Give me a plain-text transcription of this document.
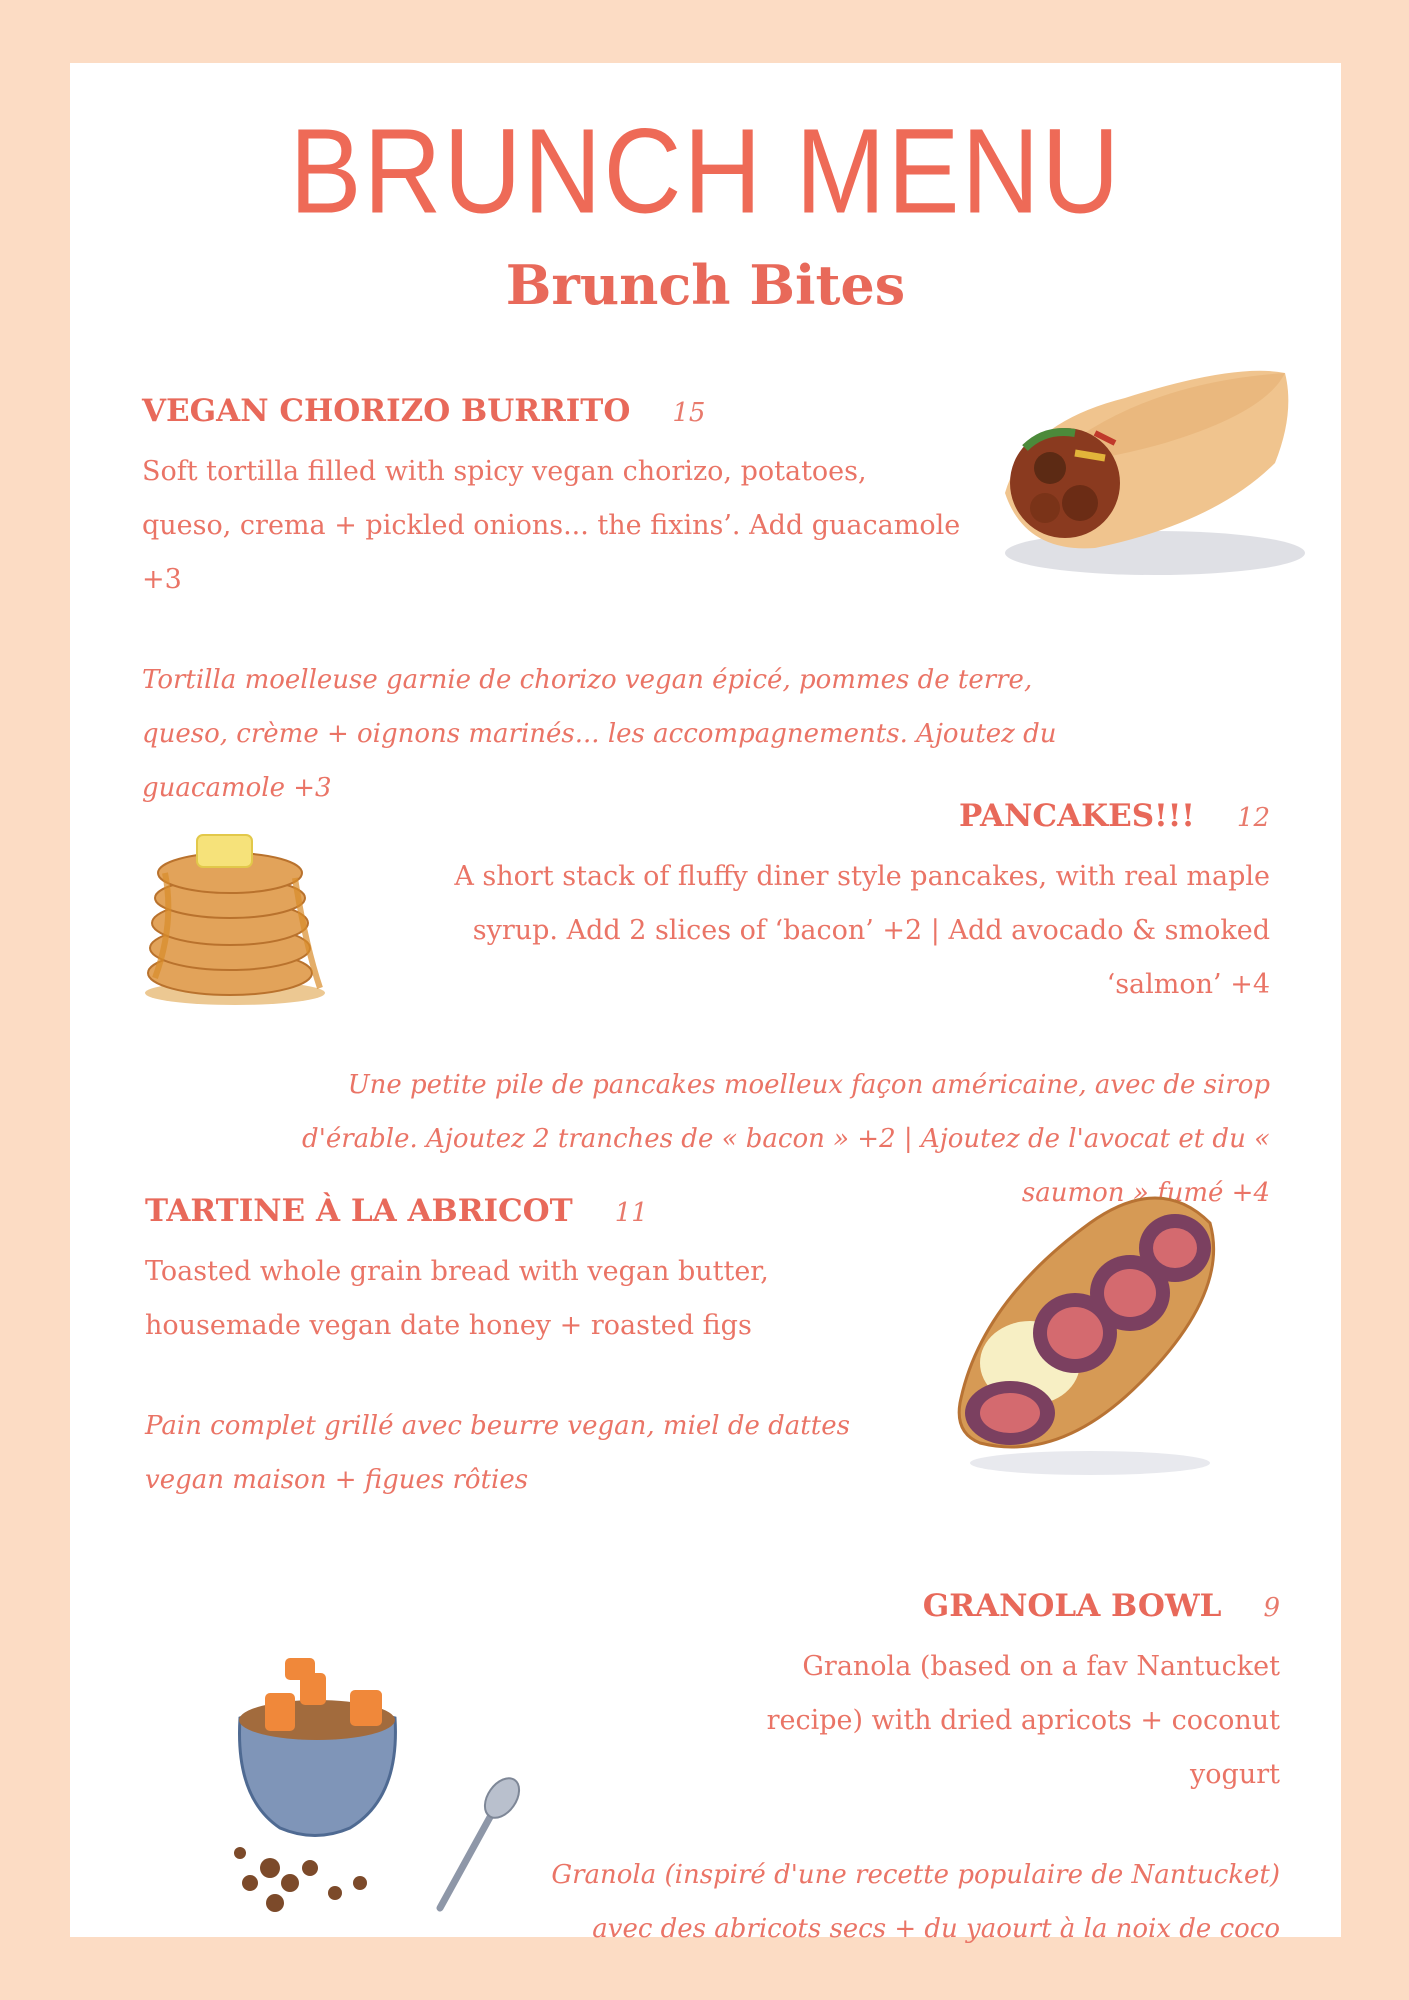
BRUNCH MENU
Brunch Bites
VEGAN CHORIZO BURRITO 15
Soft tortilla filled with spicy vegan chorizo, potatoes, queso, crema + pickled onions... the fixins’. Add guacamole +3
Tortilla moelleuse garnie de chorizo vegan épicé, pommes de terre, queso, crème + oignons marinés... les accompagnements. Ajoutez du guacamole +3
PANCAKES!!! 12
A short stack of fluffy diner style pancakes, with real maple syrup. Add 2 slices of ‘bacon’ +2 | Add avocado & smoked ‘salmon’ +4
Une petite pile de pancakes moelleux façon américaine, avec de sirop d'érable. Ajoutez 2 tranches de « bacon » +2 | Ajoutez de l'avocat et du « saumon » fumé +4
TARTINE À LA ABRICOT 11
Toasted whole grain bread with vegan butter, housemade vegan date honey + roasted figs
Pain complet grillé avec beurre vegan, miel de dattes vegan maison + figues rôties
GRANOLA BOWL 9
Granola (based on a fav Nantucket recipe) with dried apricots + coconut yogurt
Granola (inspiré d'une recette populaire de Nantucket) avec des abricots secs + du yaourt à la noix de coco
